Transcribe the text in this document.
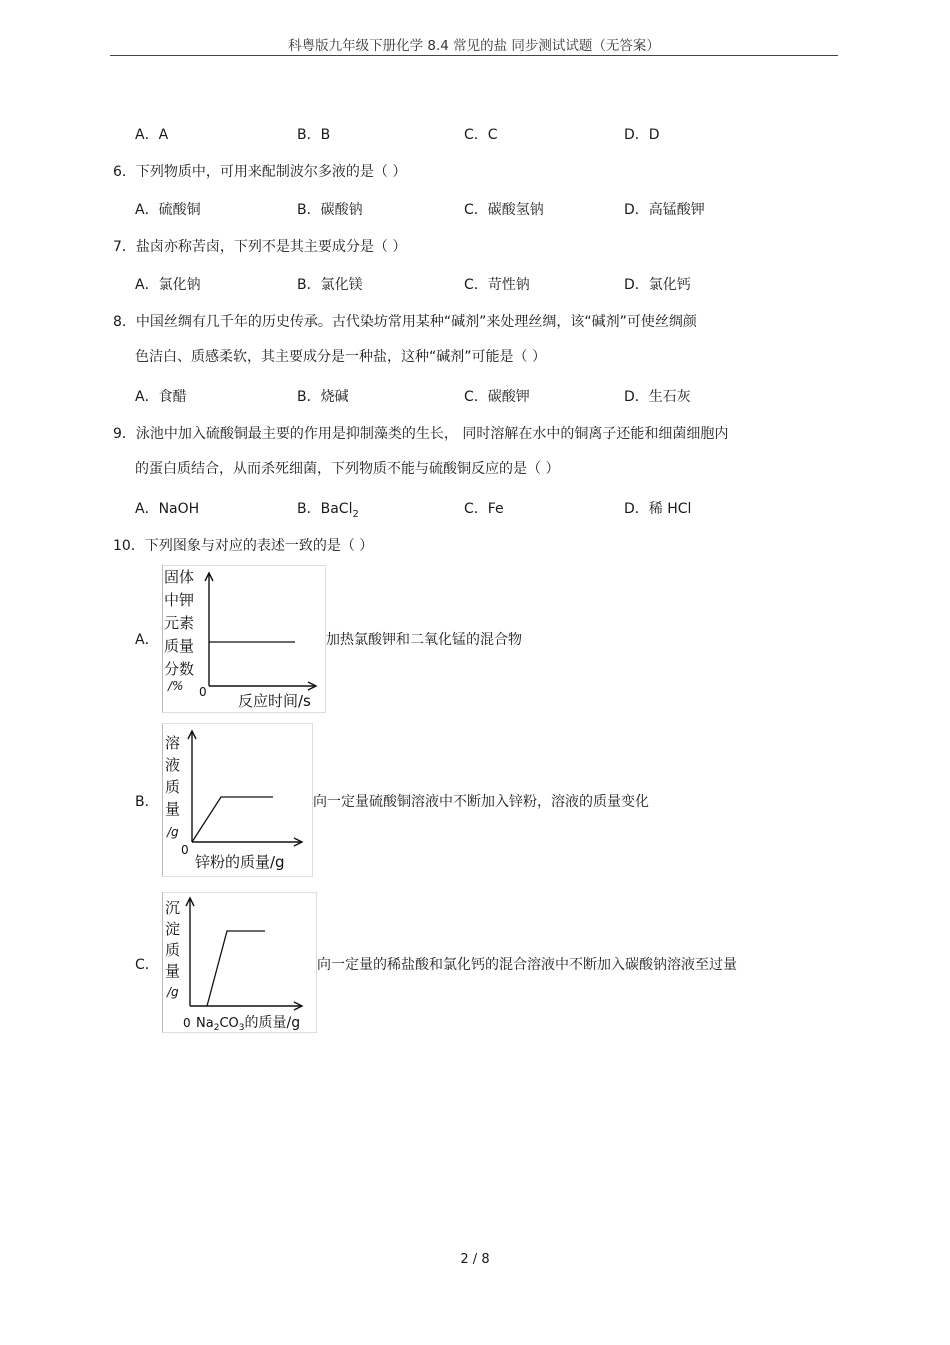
科粤版九年级下册化学 8.4 常见的盐 同步测试试题（无答案）
A．A	B．B	C．C	D．D
6．下列物质中，可用来配制波尔多液的是（ ）
A．硫酸铜	B．碳酸钠	C．碳酸氢钠	D．高锰酸钾
7．盐卤亦称苦卤，下列不是其主要成分是（ ）
A．氯化钠	B．氯化镁	C．苛性钠	D．氯化钙
8．中国丝绸有几千年的历史传承。古代染坊常用某种“碱剂”来处理丝绸，该“碱剂”可使丝绸颜
色洁白、质感柔软，其主要成分是一种盐，这种“碱剂”可能是（ ）
A．食醋	B．烧碱	C．碳酸钾	D．生石灰
9．泳池中加入硫酸铜最主要的作用是抑制藻类的生长， 同时溶解在水中的铜离子还能和细菌细胞内
的蛋白质结合，从而杀死细菌，下列物质不能与硫酸铜反应的是（ ）
A．NaOH	B．BaCl$_2$	C．Fe	D．稀 HCl
10．下列图象与对应的表述一致的是（ ）
A．
固体
中钾
元素
质量
分数
/% 0 反应时间/s
加热氯酸钾和二氧化锰的混合物
B．
溶
液
质
量
/g
0
锌粉的质量/g
向一定量硫酸铜溶液中不断加入锌粉，溶液的质量变化
C．
沉
淀
质
量
/g
0 $Na_2CO_3$的质量/g
向一定量的稀盐酸和氯化钙的混合溶液中不断加入碳酸钠溶液至过量
2 / 8
